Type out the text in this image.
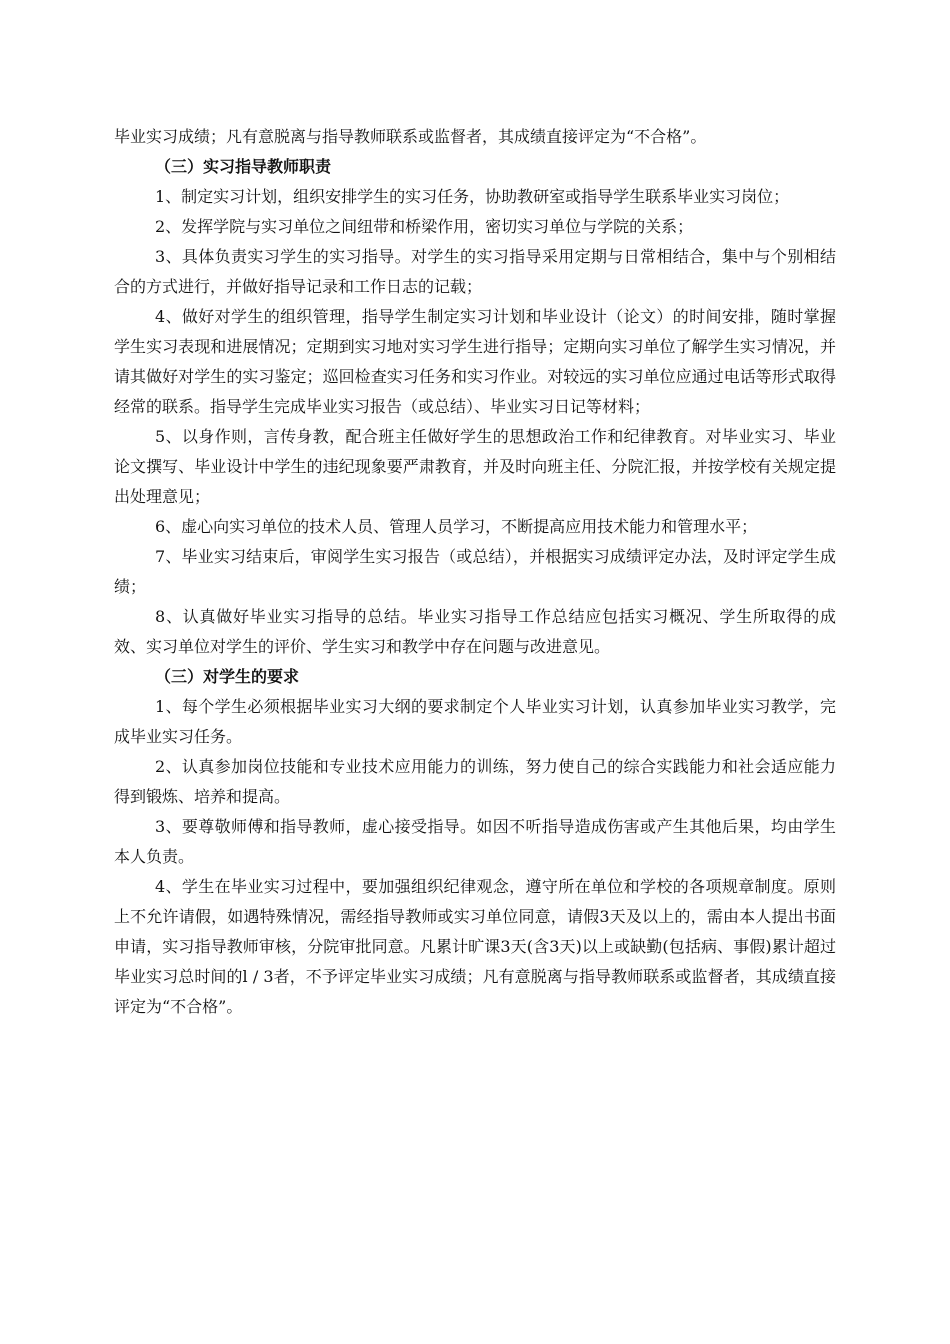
毕业实习成绩；凡有意脱离与指导教师联系或监督者，其成绩直接评定为“不合格”。

（三）实习指导教师职责

1、制定实习计划，组织安排学生的实习任务，协助教研室或指导学生联系毕业实习岗位；

2、发挥学院与实习单位之间纽带和桥梁作用，密切实习单位与学院的关系；

3、具体负责实习学生的实习指导。对学生的实习指导采用定期与日常相结合，集中与个别相结合的方式进行，并做好指导记录和工作日志的记载；

4、做好对学生的组织管理，指导学生制定实习计划和毕业设计（论文）的时间安排，随时掌握学生实习表现和进展情况；定期到实习地对实习学生进行指导；定期向实习单位了解学生实习情况，并请其做好对学生的实习鉴定；巡回检查实习任务和实习作业。对较远的实习单位应通过电话等形式取得经常的联系。指导学生完成毕业实习报告（或总结）、毕业实习日记等材料；

5、以身作则，言传身教，配合班主任做好学生的思想政治工作和纪律教育。对毕业实习、毕业论文撰写、毕业设计中学生的违纪现象要严肃教育，并及时向班主任、分院汇报，并按学校有关规定提出处理意见；

6、虚心向实习单位的技术人员、管理人员学习，不断提高应用技术能力和管理水平；

7、毕业实习结束后，审阅学生实习报告（或总结），并根据实习成绩评定办法，及时评定学生成绩；

8、认真做好毕业实习指导的总结。毕业实习指导工作总结应包括实习概况、学生所取得的成效、实习单位对学生的评价、学生实习和教学中存在问题与改进意见。

（三）对学生的要求

1、每个学生必须根据毕业实习大纲的要求制定个人毕业实习计划，认真参加毕业实习教学，完成毕业实习任务。

2、认真参加岗位技能和专业技术应用能力的训练，努力使自己的综合实践能力和社会适应能力得到锻炼、培养和提高。

3、要尊敬师傅和指导教师，虚心接受指导。如因不听指导造成伤害或产生其他后果，均由学生本人负责。

4、学生在毕业实习过程中，要加强组织纪律观念，遵守所在单位和学校的各项规章制度。原则上不允许请假，如遇特殊情况，需经指导教师或实习单位同意，请假3天及以上的，需由本人提出书面申请，实习指导教师审核，分院审批同意。凡累计旷课3天(含3天)以上或缺勤(包括病、事假)累计超过毕业实习总时间的l / 3者，不予评定毕业实习成绩；凡有意脱离与指导教师联系或监督者，其成绩直接评定为“不合格”。
